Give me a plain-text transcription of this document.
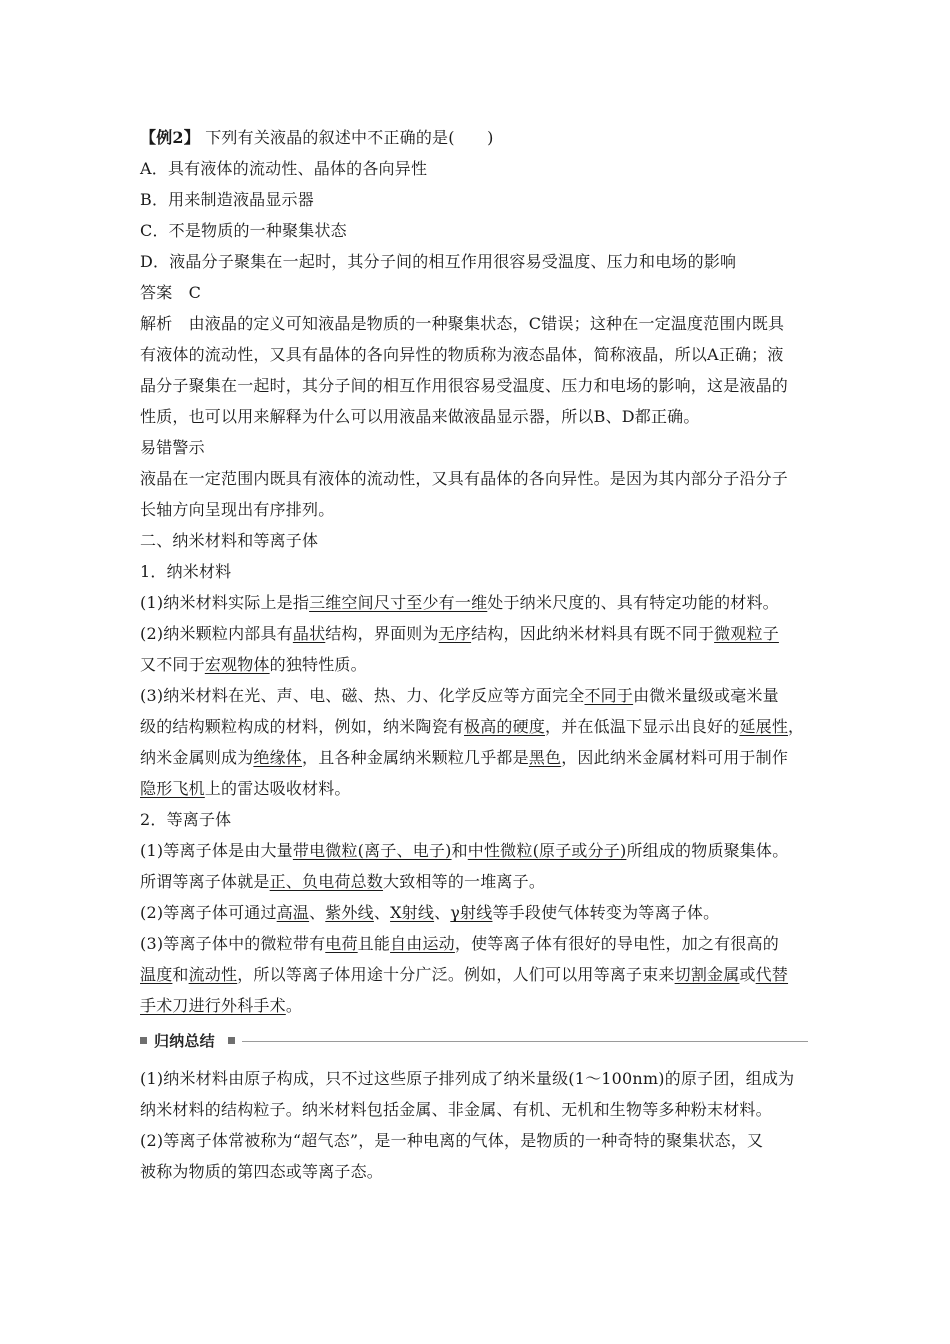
【例2】 下列有关液晶的叙述中不正确的是(　　)
A．具有液体的流动性、晶体的各向异性
B．用来制造液晶显示器
C．不是物质的一种聚集状态
D．液晶分子聚集在一起时，其分子间的相互作用很容易受温度、压力和电场的影响
答案　C
解析　由液晶的定义可知液晶是物质的一种聚集状态，C错误；这种在一定温度范围内既具
有液体的流动性，又具有晶体的各向异性的物质称为液态晶体，简称液晶，所以A正确；液
晶分子聚集在一起时，其分子间的相互作用很容易受温度、压力和电场的影响，这是液晶的
性质，也可以用来解释为什么可以用液晶来做液晶显示器，所以B、D都正确。
易错警示
液晶在一定范围内既具有液体的流动性，又具有晶体的各向异性。是因为其内部分子沿分子
长轴方向呈现出有序排列。
二、纳米材料和等离子体
1．纳米材料
(1)纳米材料实际上是指三维空间尺寸至少有一维处于纳米尺度的、具有特定功能的材料。
(2)纳米颗粒内部具有晶状结构，界面则为无序结构，因此纳米材料具有既不同于微观粒子
又不同于宏观物体的独特性质。
(3)纳米材料在光、声、电、磁、热、力、化学反应等方面完全不同于由微米量级或毫米量
级的结构颗粒构成的材料，例如，纳米陶瓷有极高的硬度，并在低温下显示出良好的延展性，
纳米金属则成为绝缘体，且各种金属纳米颗粒几乎都是黑色，因此纳米金属材料可用于制作
隐形飞机上的雷达吸收材料。
2．等离子体
(1)等离子体是由大量带电微粒(离子、电子)和中性微粒(原子或分子)所组成的物质聚集体。
所谓等离子体就是正、负电荷总数大致相等的一堆离子。
(2)等离子体可通过高温、紫外线、X射线、γ射线等手段使气体转变为等离子体。
(3)等离子体中的微粒带有电荷且能自由运动，使等离子体有很好的导电性，加之有很高的
温度和流动性，所以等离子体用途十分广泛。例如，人们可以用等离子束来切割金属或代替
手术刀进行外科手术。
归纳总结
(1)纳米材料由原子构成，只不过这些原子排列成了纳米量级(1～100nm)的原子团，组成为
纳米材料的结构粒子。纳米材料包括金属、非金属、有机、无机和生物等多种粉末材料。
(2)等离子体常被称为“超气态”，是一种电离的气体，是物质的一种奇特的聚集状态，又
被称为物质的第四态或等离子态。
